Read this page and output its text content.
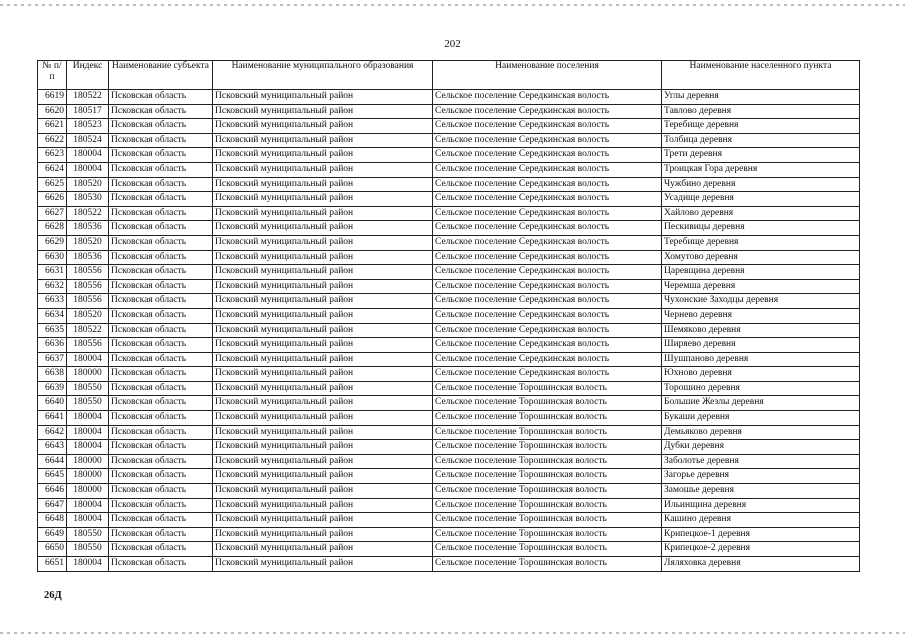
202
№ п/п	Индекс	Наименование субъекта	Наименование муниципального образования	Наименование поселения	Наименование населенного пункта
6619	180522	Псковская область	Псковский муниципальный район	Сельское поселение Середкинская волость	Углы деревня
6620	180517	Псковская область	Псковский муниципальный район	Сельское поселение Середкинская волость	Тавлово деревня
6621	180523	Псковская область	Псковский муниципальный район	Сельское поселение Середкинская волость	Теребище деревня
6622	180524	Псковская область	Псковский муниципальный район	Сельское поселение Середкинская волость	Толбица деревня
6623	180004	Псковская область	Псковский муниципальный район	Сельское поселение Середкинская волость	Трети деревня
6624	180004	Псковская область	Псковский муниципальный район	Сельское поселение Середкинская волость	Троицкая Гора деревня
6625	180520	Псковская область	Псковский муниципальный район	Сельское поселение Середкинская волость	Чужбино деревня
6626	180530	Псковская область	Псковский муниципальный район	Сельское поселение Середкинская волость	Усадище деревня
6627	180522	Псковская область	Псковский муниципальный район	Сельское поселение Середкинская волость	Хайлово деревня
6628	180536	Псковская область	Псковский муниципальный район	Сельское поселение Середкинская волость	Пескивицы деревня
6629	180520	Псковская область	Псковский муниципальный район	Сельское поселение Середкинская волость	Теребище деревня
6630	180536	Псковская область	Псковский муниципальный район	Сельское поселение Середкинская волость	Хомутово деревня
6631	180556	Псковская область	Псковский муниципальный район	Сельское поселение Середкинская волость	Царевщина деревня
6632	180556	Псковская область	Псковский муниципальный район	Сельское поселение Середкинская волость	Черемша деревня
6633	180556	Псковская область	Псковский муниципальный район	Сельское поселение Середкинская волость	Чухонские Заходцы деревня
6634	180520	Псковская область	Псковский муниципальный район	Сельское поселение Середкинская волость	Чернево деревня
6635	180522	Псковская область	Псковский муниципальный район	Сельское поселение Середкинская волость	Шемяково деревня
6636	180556	Псковская область	Псковский муниципальный район	Сельское поселение Середкинская волость	Ширяево деревня
6637	180004	Псковская область	Псковский муниципальный район	Сельское поселение Середкинская волость	Шушпаново деревня
6638	180000	Псковская область	Псковский муниципальный район	Сельское поселение Середкинская волость	Юхново деревня
6639	180550	Псковская область	Псковский муниципальный район	Сельское поселение Торошинская волость	Торошино деревня
6640	180550	Псковская область	Псковский муниципальный район	Сельское поселение Торошинская волость	Большие Жезлы деревня
6641	180004	Псковская область	Псковский муниципальный район	Сельское поселение Торошинская волость	Букаши деревня
6642	180004	Псковская область	Псковский муниципальный район	Сельское поселение Торошинская волость	Демьяково деревня
6643	180004	Псковская область	Псковский муниципальный район	Сельское поселение Торошинская волость	Дубки деревня
6644	180000	Псковская область	Псковский муниципальный район	Сельское поселение Торошинская волость	Заболотье деревня
6645	180000	Псковская область	Псковский муниципальный район	Сельское поселение Торошинская волость	Загорье деревня
6646	180000	Псковская область	Псковский муниципальный район	Сельское поселение Торошинская волость	Замошье деревня
6647	180004	Псковская область	Псковский муниципальный район	Сельское поселение Торошинская волость	Ильинщина деревня
6648	180004	Псковская область	Псковский муниципальный район	Сельское поселение Торошинская волость	Кашино деревня
6649	180550	Псковская область	Псковский муниципальный район	Сельское поселение Торошинская волость	Крипецкое-1 деревня
6650	180550	Псковская область	Псковский муниципальный район	Сельское поселение Торошинская волость	Крипецкое-2 деревня
6651	180004	Псковская область	Псковский муниципальный район	Сельское поселение Торошинская волость	Ляляховка деревня
26Д
